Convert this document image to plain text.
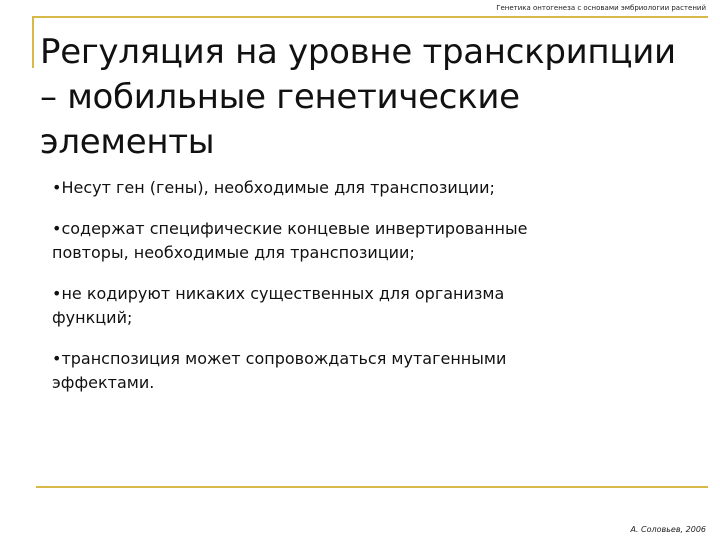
Генетика онтогенеза с основами эмбриологии растений
Регуляция на уровне транскрипции – мобильные генетические элементы
•Несут ген (гены), необходимые для транспозиции;
•содержат специфические концевые инвертированные
повторы, необходимые для транспозиции;
•не кодируют никаких существенных для организма
функций;
•транспозиция может сопровождаться мутагенными
эффектами.
А. Соловьев, 2006
